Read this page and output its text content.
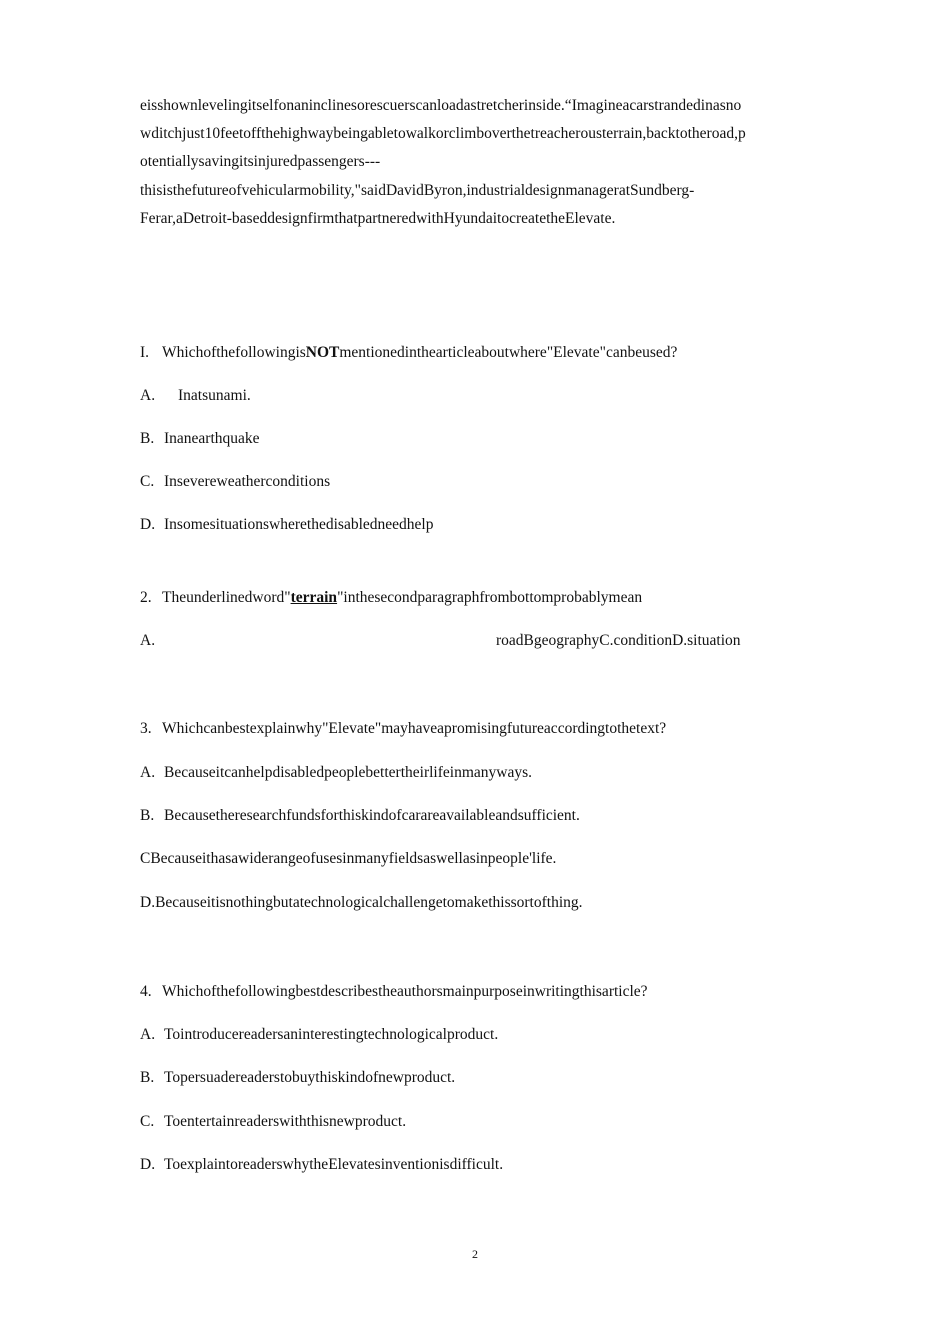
eisshownlevelingitselfonaninclinesorescuerscanloadastretcherinside.“Imagineacarstrandedinasno
wditchjust10feetoffthehighwaybeingabletowalkorclimboverthetreacherousterrain,backtotheroad,p
otentiallysavingitsinjuredpassengers---
thisisthefutureofvehicularmobility,"saidDavidByron,industrialdesignmanageratSundberg-
Ferar,aDetroit-baseddesignfirmthatpartneredwithHyundaitocreatetheElevate.
I. WhichofthefollowingisNOTmentionedinthearticleaboutwhere"Elevate"canbeused?
A. Inatsunami.
B. Inanearthquake
C. Insevereweatherconditions
D. Insomesituationswherethedisabledneedhelp
2. Theunderlinedword"terrain"inthesecondparagraphfrombottomprobablymean
A.	roadBgeographyC.conditionD.situation
3. Whichcanbestexplainwhy"Elevate"mayhaveapromisingfutureaccordingtothetext?
A. Becauseitcanhelpdisabledpeoplebettertheirlifeinmanyways.
B. Becausetheresearchfundsforthiskindofcarareavailableandsufficient.
CBecauseithasawiderangeofusesinmanyfieldsaswellasinpeople'life.
D.Becauseitisnothingbutatechnologicalchallengetomakethissortofthing.
4. Whichofthefollowingbestdescribestheauthorsmainpurposeinwritingthisarticle?
A. Tointroducereadersaninterestingtechnologicalproduct.
B. Topersuadereaderstobuythiskindofnewproduct.
C. Toentertainreaderswiththisnewproduct.
D. ToexplaintoreaderswhytheElevatesinventionisdifficult.
2
